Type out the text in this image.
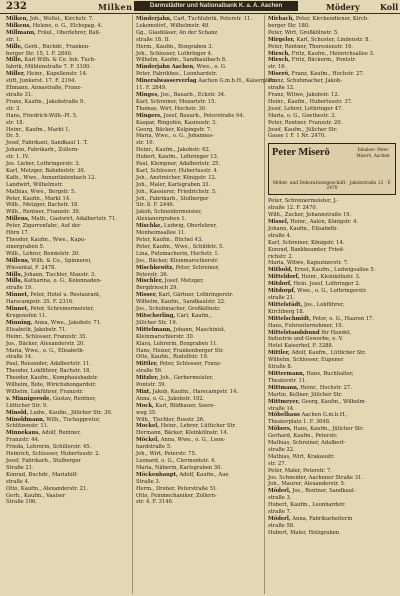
232	Milken	Darmstädter und Nationalbank K. a. A. Aachen	Mödery	Koll
Milken, Joh., Wollst., Kirchstr. 7.
Milkens, Helene, o. G., Elchspag. 4.
Millmann, Fräul., Oberlehrer, Ball-
str. 1.
Mille, Gerh., Buchdr., Franken-
berger Str. 15, I. F. 2840.
Mille, Karl Wilh. & Co. Inh. Tuch-
fabrik, Mühlenstraße 7. F. 3100.
Miller, Heinr., Kapellenstr. 14.
stift, Junkerst. 17. F. 2194.
Ehmann, Annastraße, Franz-
straße 31.
Franz, Kaufm., Jakobstraße 9.
str. 3.
Hans, Friedrich-Wilh.-Pl. 5.
str. 18.
Heinr., Kaufm., Markt 1.
Dr. 5.
Josef, Fabrikant, Sandkaul 1. T.
Johann, Fabrikarb., Zollern-
str. 1. IV.
Jos. Lieber, Lothringerstr. 3.
Karl, Metzger, Bahnhofstr. 30.
Kath., Wwe., Annuntiatenbach 12.
Landwirt, Wilhelmstr.
Mathias, Wwe., Bergstr. 5.
Peter, Kaufm., Markt 14.
Wilh., Metzger, Bachstr. 18.
Wilh., Rentner, Franzstr. 39.
Millens, Math., Gastwirt, Adalbertstr. 71.
Peter, Zigarrenfabr., Auf der
Hörn 17.
Theodor, Kaufm., Wwe., Kapu-
zinergraben 5.
Wilh., Lehrer, Bendelstr. 30.
Millens, Wilh. & Co., Spinnerei,
Wiesental, F. 2478.
Mills, Johann, Tischler, Maxstr. 3.
Mills, Katharina, o. G., Kolonnaden-
straße 19.
Minnet, Peter, Hotel u. Restaurant,
Harscampstr. 35. F. 2316.
Minnet, Peter, Schreinermeister,
Krugenofen 11.
Minning, Anna, Wwe., Jakobstr. 71.
Elisabeth, Jakobstr. 71.
Heinr., Schlosser, Franzstr. 35.
Jos., Bäcker, Alexanderstr. 20.
Maria, Wwe., o. G., Elisabeth-
straße 14.
Paul, Reisender, Adalbertstr. 11.
Theodor, Lokführer, Bachstr. 18.
Theodor, Kaufm., Komphausbadstr.
Wilhelm, Bote, Wirichsbongardstr.
Wilhelm, Lokführer, Franzstr.
v. Minnigerode, Gustav, Rentner,
Lütticher Str. 9.
Minold, Ludw., Kaufm., Jülicher Str. 30.
Minoldmann, Wilh., Tuchappretur,
Schützenstr. 11.
Minnekaus, Adolf, Rentner,
Franzstr. 44.
Frieda, Lehrerin, Schillerstr. 45.
Heinrich, Schlosser, Hubertusstr. 2.
Josef, Fabrikarb., Stolberger
Straße 21.
Konrad, Buchdr., Mariahilf-
straße 4.
Otto, Kaufm., Alexanderstr. 21.
Gerh., Kaufm., Vaalser
Straße 106.
Minderjahn, Carl, Tuchfabrik, Peterstr. 11.
Lokomotivf., Wilhelmstr. 48.
Gg., Glasbläser, An der Schanz
straße 18. II.
Herm., Kaufm., Boxgraben 3.
Joh., Schlosser, Lothringer 4.
Wilhelm, Kaufm., Sandkaulbach 8.
Minderjahn Aachen, Wwe., o. G.
Peter, Fabrikbes., Leonhardstr.
Mineralwasserverlag Aachen G.m.b.H., Kaiserplatz
11. F. 2849.
Minges, Jos., Bauarb., Eckstr. 34.
Karl, Schreiner, Mozartstr. 15.
Thomas, Wirt, Hochstr. 30.
Mingers, Josef, Bauarb., Peterstraße 94.
Kaspar, Ringofen, Kasinostr. 3.
Georg, Bäcker, Kolpingstr. 7.
Maria, Wwe., o. G., Johannes-
str. 10.
Heinr., Kaufm., Jakobstr. 62.
Hubert, Kaufm., Lothringer 13.
Paul, Klempner, Adalbertstr. 25.
Karl, Schlosser, Hubertusstr. 4.
Joh., Anstreicher, Königstr. 12.
Joh., Maler, Karlsgraben 33.
Joh., Kassierer, Friedrichstr. 5.
Joh., Fabrikarb., Stolberger
Str. 8. F. 2446.
Jakob, Schneidermeister,
Alexianergraben 1.
Mischke, Ludwig, Oberlehrer,
Monheimsallee 11.
Peter, Kaufm., Büchel 43.
Peter, Kaufm., Wwe., Schildstr. 5.
Lina, Putzmacherin, Hochstr. 1.
Jos., Bäcker, Kleinmarschierstr.
Mischkewitz, Peter, Schreiner,
Peterstr. 36.
Mischler, Josef, Metzger,
Bergdriesch 29.
Misser, Karl, Gärtner, Lothringerstr.
Wilhelm, Kaufm., Sandkaulstr. 22.
Jos., Schuhmacher, Großkölnstr.
Mitscherling, Carl, Kaufm.,
Jülicher Str. 19.
Mittelmann, Johann, Maschinist,
Kleinmarschierstr. 30.
Klara, Lehrerin, Boxgraben 11.
Hans, Heizer, Frankenberger Str.
Otto, Kaufm., Rudolfstr. 19.
Mittler, Peter, Schlosser, Franz-
straße 56.
Mitzler, Joh., Gerbermeister,
Pontstr. 39.
Mixt, Jakob, Kaufm., Harscampstr. 14.
Anna, o. G., Jakobstr. 102.
Mock, Karl, Bildhauer, Soers-
weg 35.
Wilh., Tischler, Rosstr. 26.
Mockel, Heinr., Lehrer, Lütticher Str.
Hermann, Bäcker, Kleinkölnstr. 14.
Möckel, Anna, Wwe., o. G., Leon-
hardstraße 5.
Joh., Wirt, Peterstr. 75.
Leonard, o. G., Clermontstr. 4.
Maria, Näherin, Karlsgraben 30.
Möckenhaupt, Adolf, Kaufm., Aue
Straße 3.
Herm., Dreher, Peterstraße 51.
Otto, Feinmechaniker, Zollern-
str. 4. F. 3140.
Mirbach, Peter, Kirchendiener, Kirch-
berger Str. 180.
Peter, Wirt, Großkölnstr. 5.
Mirgeler, Karl, Schuster, Lindenstr. 8.
Peter, Rentner, Theresienstr. 16.
Mirsch, Fritz, Kaufm., Heinrichsallee 3.
Mirsch, Fritz, Bäckerm., Pontstr.
str. 16.
Miserö, Franz, Kaufm., Hochstr. 27.
Franz, Schuhmacher, Jakob-
straße 12.
Franz, Witwe, Jakobstr. 12.
Heinr., Kaufm., Hubertusstr. 37.
Josef, Lehrer, Lothringer 47.
Maria, o. G., Goethestr. 3.
Peter, Rentner, Franzstr. 20.
Josef, Kaufm., Jülicher Str.
Gasse 1 F. 1 Nr. 2470.
Peter Miserö	Inhaber: Peter Miserö, Aachen
Möbel- und Dekorationsgeschäft · Jakobstraße 12 · F. 2470
Peter, Schreinermeister, J.-
straße 12. F. 2470.
Wilh., Zucker, Johannstraße 19.
Missel, Heinr., Aalen, Königstr. 4.
Johann, Kaufm., Elisabeth-
straße 4.
Karl, Schreiner, Königstr. 14.
Konrad, Bankbeamter, Fried-
richstr. 2.
Maria, Witwe, Kapuzinerstr. 7.
Mitbold, Ernst, Kaufm., Ludwigsallee 5.
Mitteldorf, Heinr., Kleinkölnstr. 3.
Mitdorf, Hein. Josef, Lothringer 2.
Mitdorpf, Wwe., o. G., Lothringerstr.
straße 21.
Mittelstädt, Jos., Lokführer,
Kirchberg 18.
Mittelschmidt, Peter, o. G., Haaren 17.
Hans, Fuhrunternehmer, 10.
Mittelstandsbund für Handel,
Industrie und Gewerbe, e. V.
Hotel Kaiserhof, F. 3288.
Mittler, Adolf, Kaufm., Lütticher Str.
Wilhelm, Schlosser, Eupener
Straße 8.
Mittermann, Hans, Buchhalter,
Theaterstr. 11.
Mittmann, Heinr., Hochstr. 27.
Martin, Kellner, Jülicher Str.
Mittmeyer, Georg, Kaufm., Wilhelm-
straße 14.
Möbelhaus Aachen G.m.b.H.,
Theaterplatz 1. F. 3048.
Möbers, Hans, Kaufm., Jülicher Str.
Gerhard, Kaufm., Peterstr.
Mathias, Schreiner, Adalbert-
straße 22.
Mathias, Wirt, Krakaustr.
str. 27.
Peter, Maler, Peterstr. 7.
Jos. Schneider, Aachener Straße 31.
Joh., Maurer, Alexanderstr. 5.
Möderl, Jos., Rentner, Sandkaul-
straße 3.
Hubert, Kaufm., Leonhardstr.
straße 7.
Möderl, Anna, Fabrikarbeiterin
straße 58.
Hubert, Maler, Holzgraben
